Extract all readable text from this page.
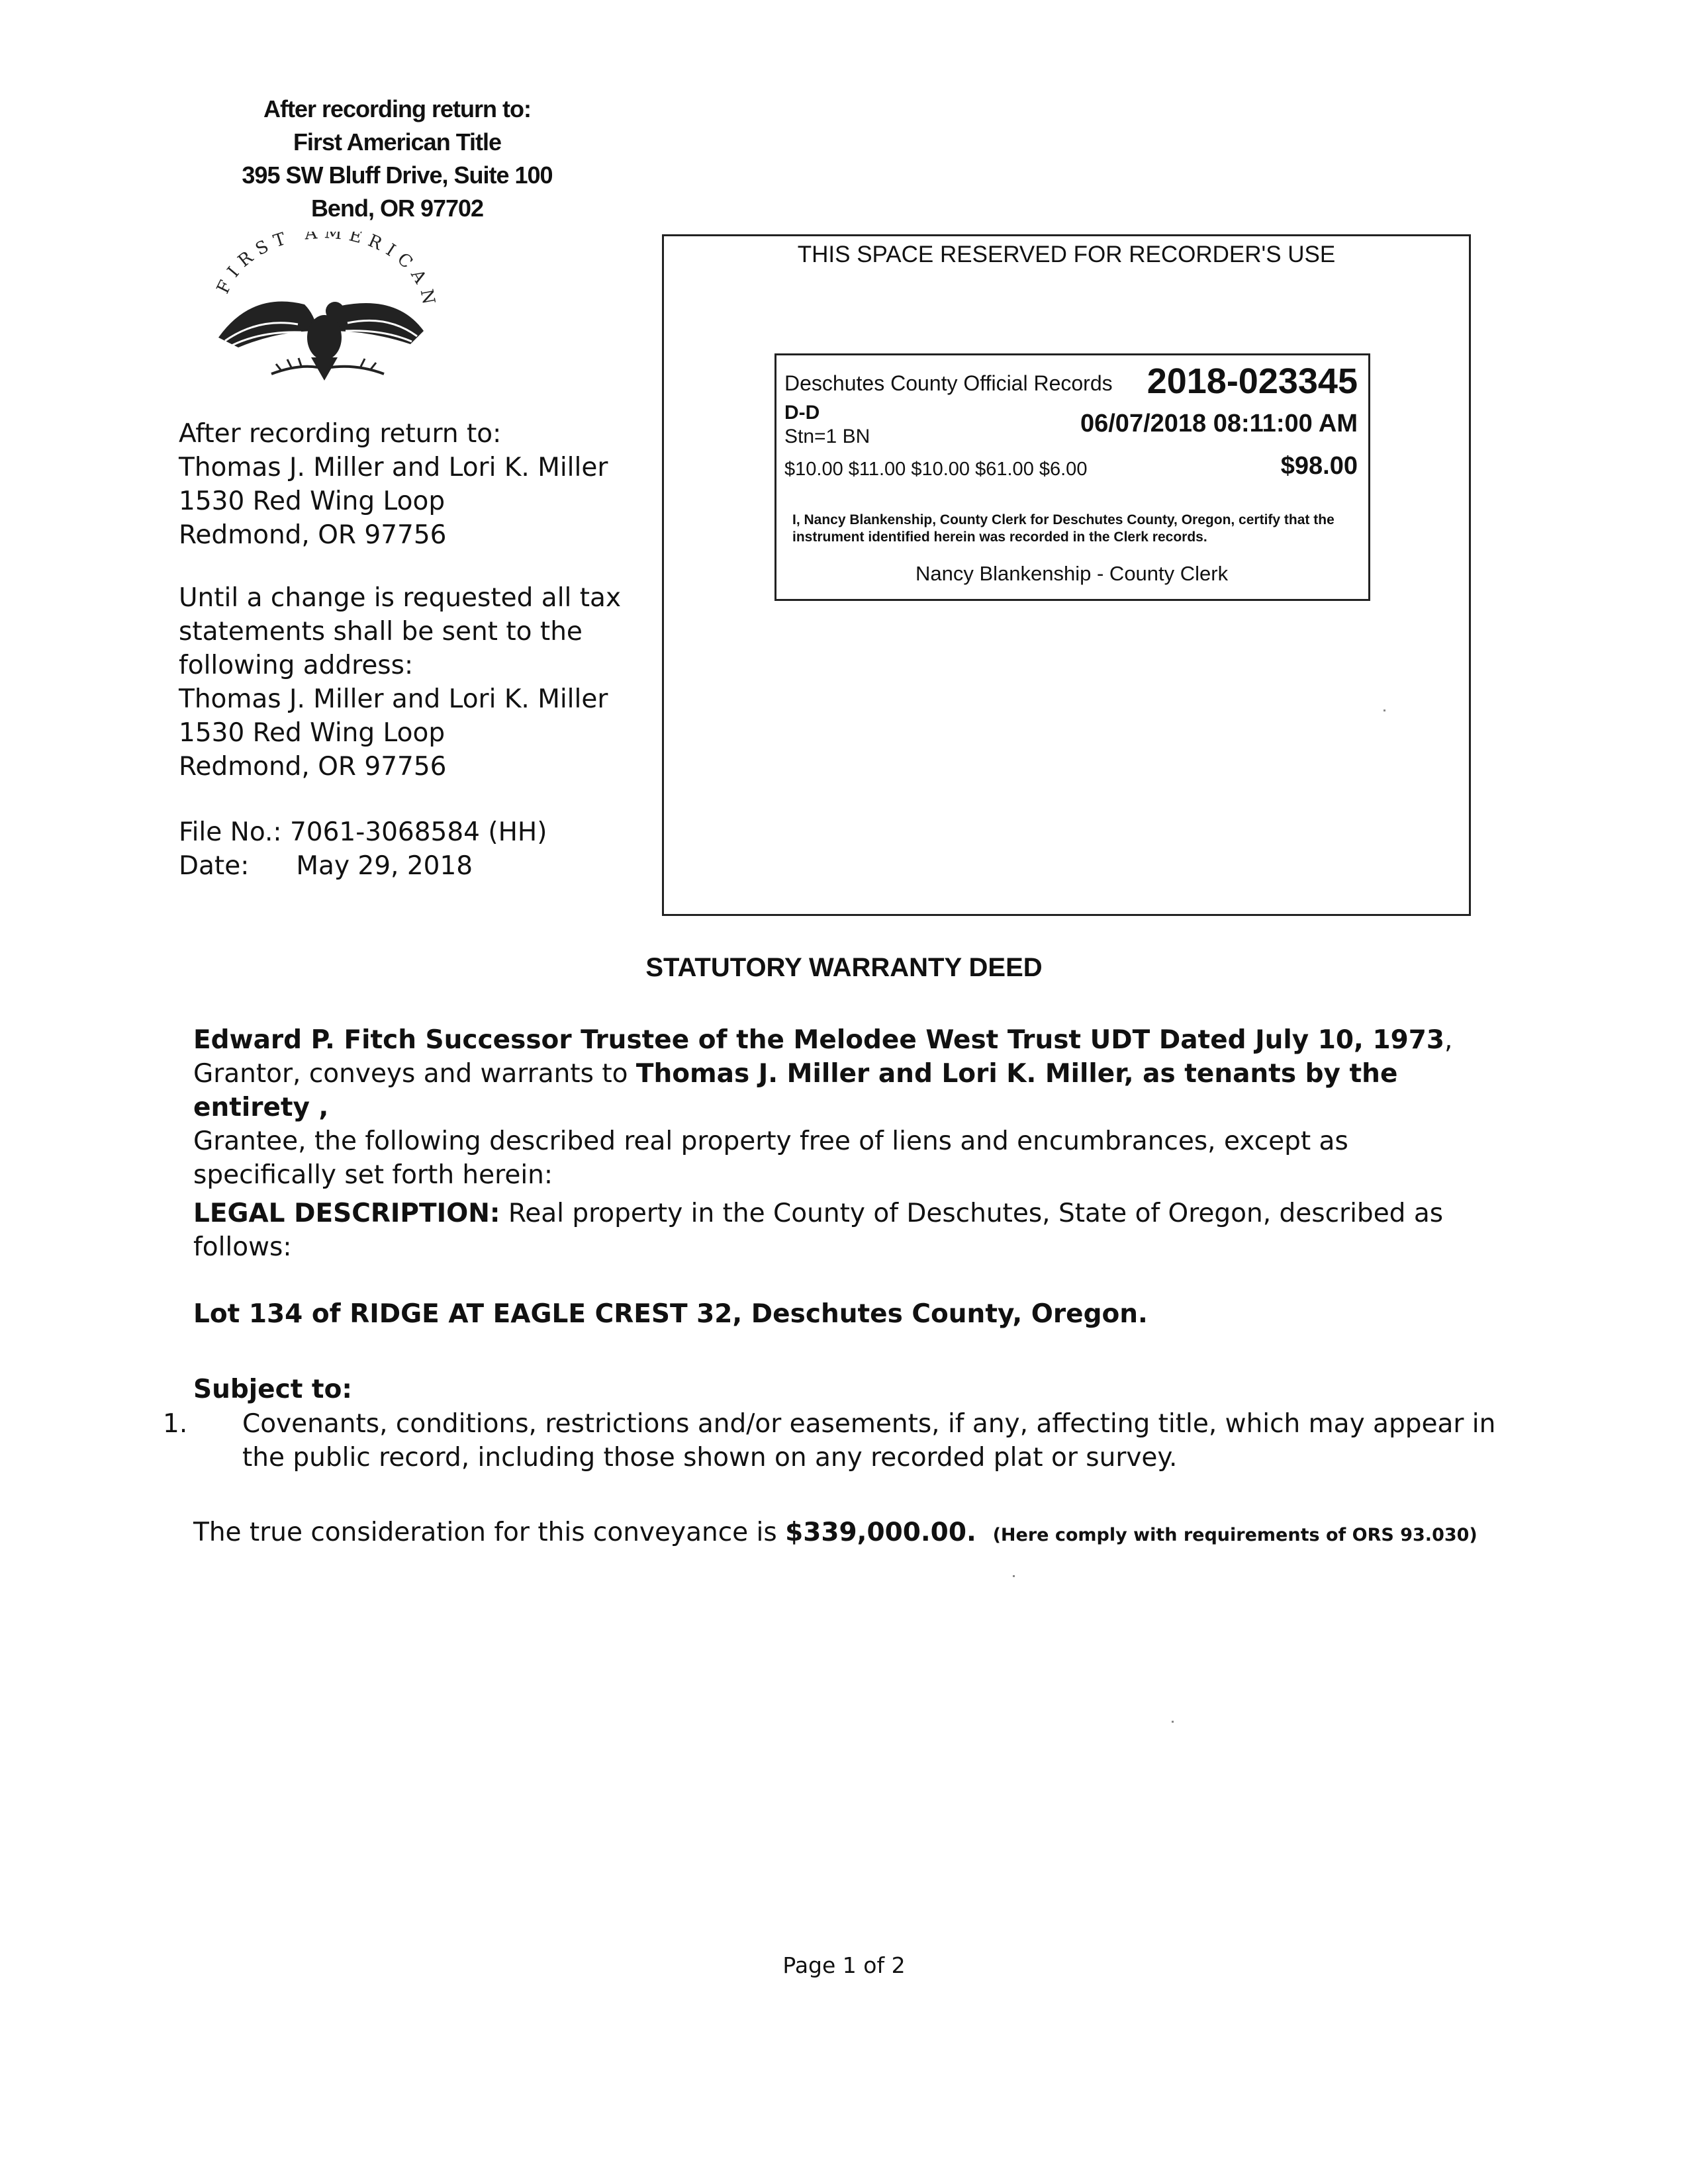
After recording return to:
First American Title
395 SW Bluff Drive, Suite 100
Bend, OR 97702
FIRST AMERICAN
After recording return to:
Thomas J. Miller and Lori K. Miller
1530 Red Wing Loop
Redmond, OR 97756
Until a change is requested all tax
statements shall be sent to the
following address:
Thomas J. Miller and Lori K. Miller
1530 Red Wing Loop
Redmond, OR 97756
File No.: 7061-3068584 (HH)
Date: May 29, 2018
THIS SPACE RESERVED FOR RECORDER'S USE
Deschutes County Official Records 2018-023345
D-D
Stn=1 BN	06/07/2018 08:11:00 AM
$10.00 $11.00 $10.00 $61.00 $6.00	$98.00
I, Nancy Blankenship, County Clerk for Deschutes County, Oregon, certify that the instrument identified herein was recorded in the Clerk records.
Nancy Blankenship - County Clerk
STATUTORY WARRANTY DEED
Edward P. Fitch Successor Trustee of the Melodee West Trust UDT Dated July 10, 1973,
Grantor, conveys and warrants to Thomas J. Miller and Lori K. Miller, as tenants by the entirety ,
Grantee, the following described real property free of liens and encumbrances, except as specifically set forth herein:
LEGAL DESCRIPTION: Real property in the County of Deschutes, State of Oregon, described as follows:
Lot 134 of RIDGE AT EAGLE CREST 32, Deschutes County, Oregon.
Subject to:
1. Covenants, conditions, restrictions and/or easements, if any, affecting title, which may appear in the public record, including those shown on any recorded plat or survey.
The true consideration for this conveyance is $339,000.00. (Here comply with requirements of ORS 93.030)
Page 1 of 2
